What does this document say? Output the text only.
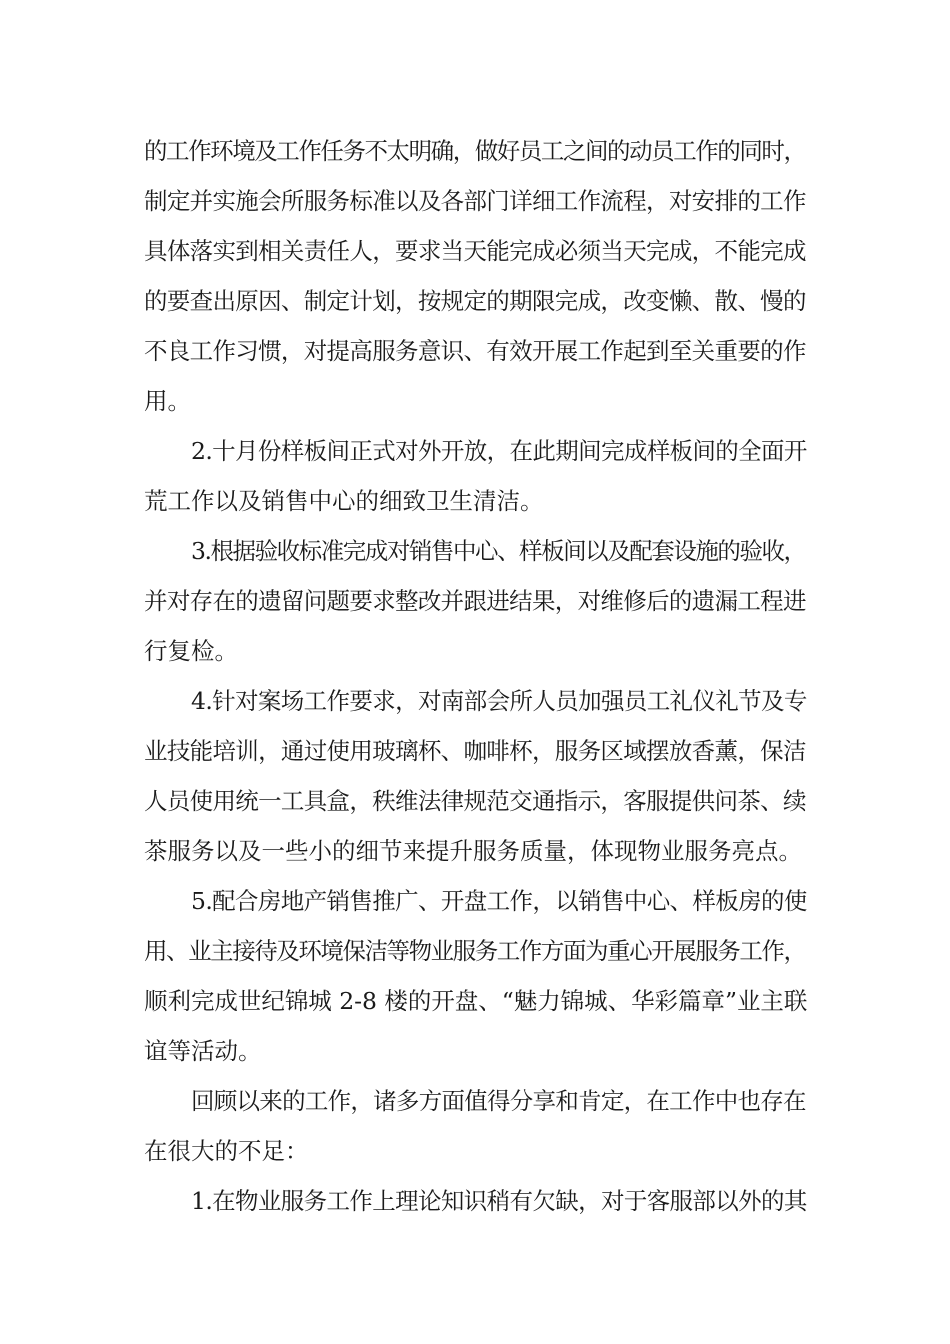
的工作环境及工作任务不太明确，做好员工之间的动员工作的同时，
制定并实施会所服务标准以及各部门详细工作流程，对安排的工作
具体落实到相关责任人，要求当天能完成必须当天完成，不能完成
的要查出原因、制定计划，按规定的期限完成，改变懒、散、慢的
不良工作习惯，对提高服务意识、有效开展工作起到至关重要的作
用。
2.十月份样板间正式对外开放，在此期间完成样板间的全面开
荒工作以及销售中心的细致卫生清洁。
3.根据验收标准完成对销售中心、样板间以及配套设施的验收，
并对存在的遗留问题要求整改并跟进结果，对维修后的遗漏工程进
行复检。
4.针对案场工作要求，对南部会所人员加强员工礼仪礼节及专
业技能培训，通过使用玻璃杯、咖啡杯，服务区域摆放香薰，保洁
人员使用统一工具盒，秩维法律规范交通指示，客服提供问茶、续
茶服务以及一些小的细节来提升服务质量，体现物业服务亮点。
5.配合房地产销售推广、开盘工作，以销售中心、样板房的使
用、业主接待及环境保洁等物业服务工作方面为重心开展服务工作，
顺利完成世纪锦城 2-8 楼的开盘、“魅力锦城、华彩篇章”业主联
谊等活动。
回顾以来的工作，诸多方面值得分享和肯定，在工作中也存在
在很大的不足：
1.在物业服务工作上理论知识稍有欠缺，对于客服部以外的其
